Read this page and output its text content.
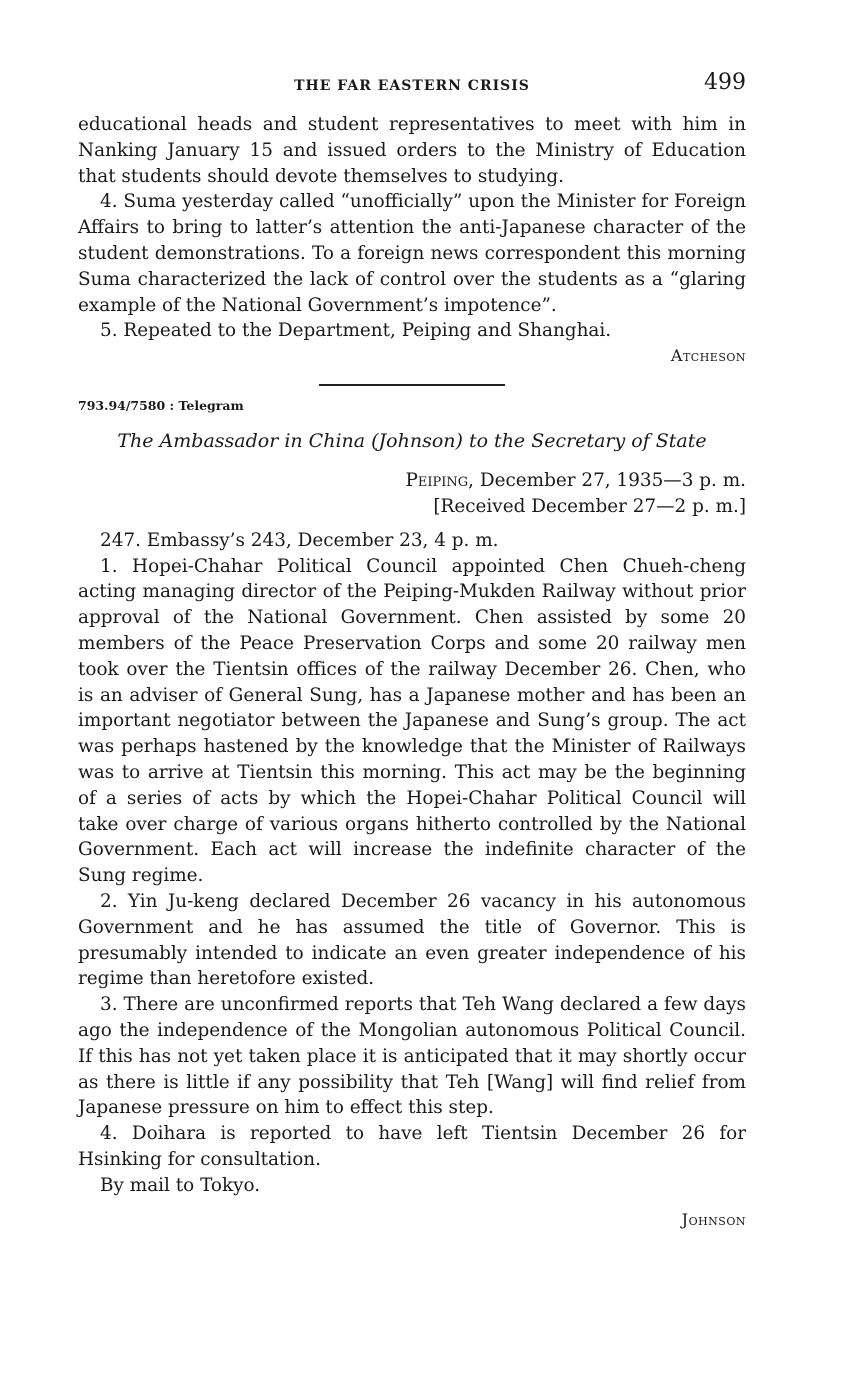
THE FAR EASTERN CRISIS	499

educational heads and student representatives to meet with him in Nanking January 15 and issued orders to the Ministry of Education that students should devote themselves to studying.

4. Suma yesterday called “unofficially” upon the Minister for Foreign Affairs to bring to latter’s attention the anti-Japanese character of the student demonstrations. To a foreign news correspondent this morning Suma characterized the lack of control over the students as a “glaring example of the National Government’s impotence”.

5. Repeated to the Department, Peiping and Shanghai.

Atcheson

793.94/7580 : Telegram
The Ambassador in China (Johnson) to the Secretary of State
Peiping, December 27, 1935—3 p. m.
[Received December 27—2 p. m.]

247. Embassy’s 243, December 23, 4 p. m.

1. Hopei-Chahar Political Council appointed Chen Chueh-cheng acting managing director of the Peiping-Mukden Railway without prior approval of the National Government. Chen assisted by some 20 members of the Peace Preservation Corps and some 20 railway men took over the Tientsin offices of the railway December 26. Chen, who is an adviser of General Sung, has a Japanese mother and has been an important negotiator between the Japanese and Sung’s group. The act was perhaps hastened by the knowledge that the Minister of Railways was to arrive at Tientsin this morning. This act may be the beginning of a series of acts by which the Hopei-Chahar Political Council will take over charge of various organs hitherto controlled by the National Government. Each act will increase the indefinite character of the Sung regime.

2. Yin Ju-keng declared December 26 vacancy in his autonomous Government and he has assumed the title of Governor. This is presumably intended to indicate an even greater independence of his regime than heretofore existed.

3. There are unconfirmed reports that Teh Wang declared a few days ago the independence of the Mongolian autonomous Political Council. If this has not yet taken place it is anticipated that it may shortly occur as there is little if any possibility that Teh [Wang] will find relief from Japanese pressure on him to effect this step.

4. Doihara is reported to have left Tientsin December 26 for Hsinking for consultation.

By mail to Tokyo.

Johnson
